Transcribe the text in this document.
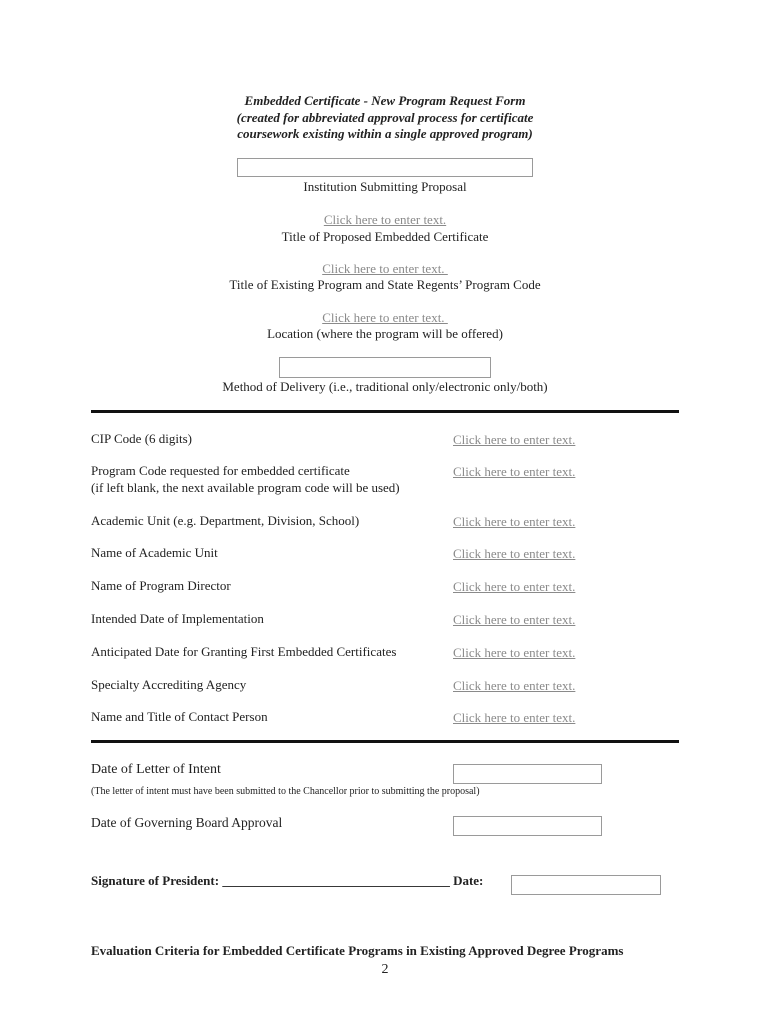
Embedded Certificate - New Program Request Form
(created for abbreviated approval process for certificate
coursework existing within a single approved program)
Institution Submitting Proposal
Click here to enter text.
Title of Proposed Embedded Certificate
Click here to enter text.
Title of Existing Program and State Regents’ Program Code
Click here to enter text.
Location (where the program will be offered)
Method of Delivery (i.e., traditional only/electronic only/both)
CIP Code (6 digits)	Click here to enter text.
Program Code requested for embedded certificate
(if left blank, the next available program code will be used)
Click here to enter text.
Academic Unit (e.g. Department, Division, School)	Click here to enter text.
Name of Academic Unit	Click here to enter text.
Name of Program Director	Click here to enter text.
Intended Date of Implementation	Click here to enter text.
Anticipated Date for Granting First Embedded Certificates	Click here to enter text.
Specialty Accrediting Agency	Click here to enter text.
Name and Title of Contact Person	Click here to enter text.
Date of Letter of Intent
(The letter of intent must have been submitted to the Chancellor prior to submitting the proposal)
Date of Governing Board Approval
Signature of President: ___________________________________ Date:
Evaluation Criteria for Embedded Certificate Programs in Existing Approved Degree Programs
2
